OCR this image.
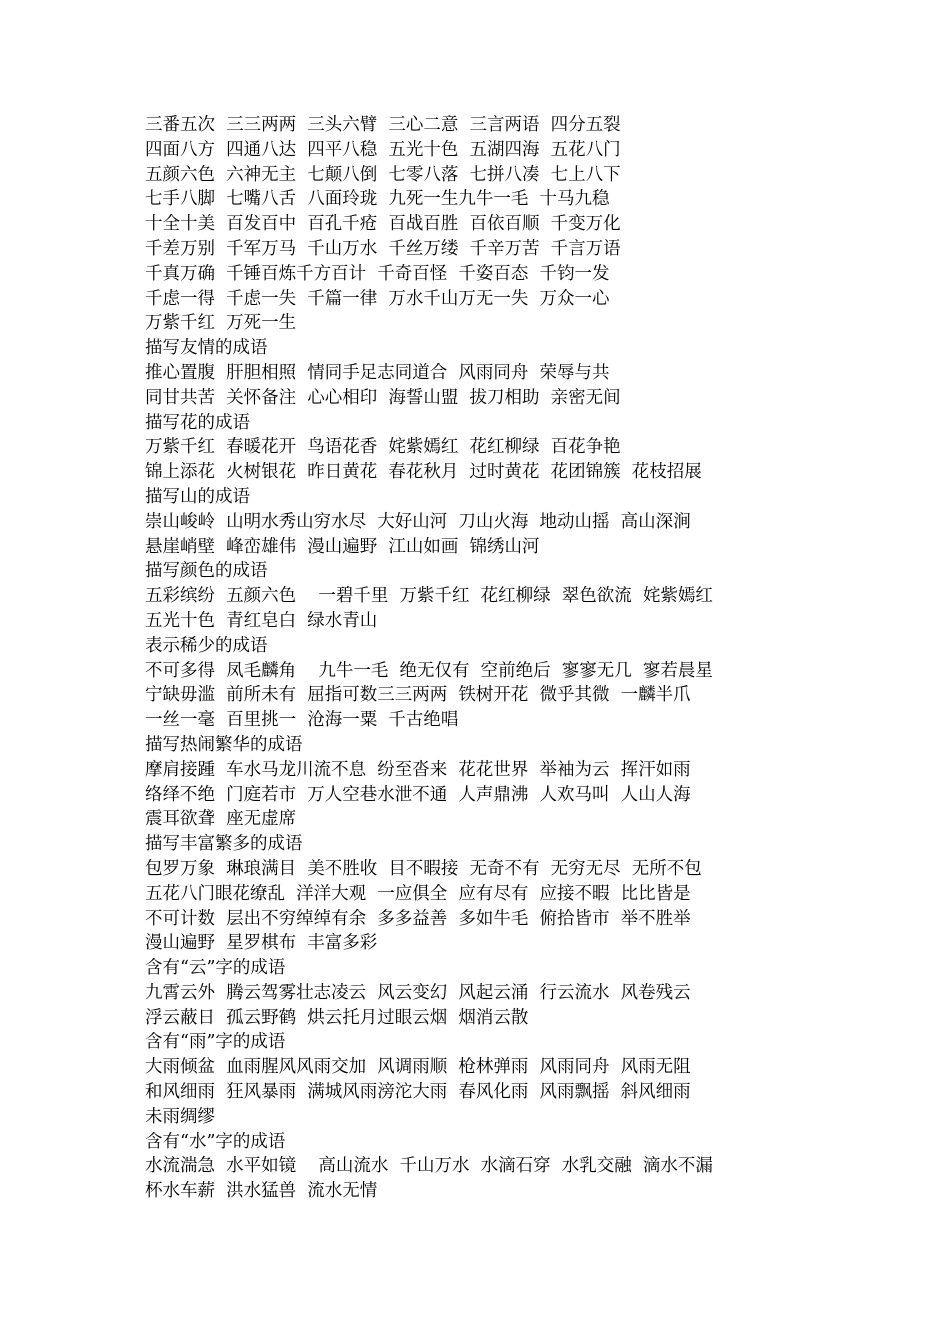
三番五次  三三两两  三头六臂  三心二意  三言两语  四分五裂
四面八方  四通八达  四平八稳  五光十色  五湖四海  五花八门
五颜六色  六神无主  七颠八倒  七零八落  七拼八凑  七上八下
七手八脚  七嘴八舌  八面玲珑  九死一生九牛一毛  十马九稳
十全十美  百发百中  百孔千疮  百战百胜  百依百顺  千变万化
千差万别  千军万马  千山万水  千丝万缕  千辛万苦  千言万语
千真万确  千锤百炼千方百计  千奇百怪  千姿百态  千钧一发
千虑一得  千虑一失  千篇一律  万水千山万无一失  万众一心
万紫千红  万死一生
描写友情的成语
推心置腹  肝胆相照  情同手足志同道合  风雨同舟  荣辱与共
同甘共苦  关怀备注  心心相印  海誓山盟  拔刀相助  亲密无间
描写花的成语
万紫千红  春暖花开  鸟语花香  姹紫嫣红  花红柳绿  百花争艳
锦上添花  火树银花  昨日黄花  春花秋月  过时黄花  花团锦簇  花枝招展
描写山的成语
崇山峻岭  山明水秀山穷水尽  大好山河  刀山火海  地动山摇  高山深涧
悬崖峭壁  峰峦雄伟  漫山遍野  江山如画  锦绣山河
描写颜色的成语
五彩缤纷  五颜六色    一碧千里  万紫千红  花红柳绿  翠色欲流  姹紫嫣红
五光十色  青红皂白  绿水青山
表示稀少的成语
不可多得  凤毛麟角    九牛一毛  绝无仅有  空前绝后  寥寥无几  寥若晨星
宁缺毋滥  前所未有  屈指可数三三两两  铁树开花  微乎其微  一麟半爪
一丝一毫  百里挑一  沧海一粟  千古绝唱
描写热闹繁华的成语
摩肩接踵  车水马龙川流不息  纷至沓来  花花世界  举袖为云  挥汗如雨
络绎不绝  门庭若市  万人空巷水泄不通  人声鼎沸  人欢马叫  人山人海
震耳欲聋  座无虚席
描写丰富繁多的成语
包罗万象  琳琅满目  美不胜收  目不暇接  无奇不有  无穷无尽  无所不包
五花八门眼花缭乱  洋洋大观  一应俱全  应有尽有  应接不暇  比比皆是
不可计数  层出不穷绰绰有余  多多益善  多如牛毛  俯拾皆市  举不胜举
漫山遍野  星罗棋布  丰富多彩
含有“云”字的成语
九霄云外  腾云驾雾壮志凌云  风云变幻  风起云涌  行云流水  风卷残云
浮云蔽日  孤云野鹤  烘云托月过眼云烟  烟消云散
含有“雨”字的成语
大雨倾盆  血雨腥风风雨交加  风调雨顺  枪林弹雨  风雨同舟  风雨无阻
和风细雨  狂风暴雨  满城风雨滂沱大雨  春风化雨  风雨飘摇  斜风细雨
未雨绸缪
含有“水”字的成语
水流湍急  水平如镜    高山流水  千山万水  水滴石穿  水乳交融  滴水不漏
杯水车薪  洪水猛兽  流水无情
